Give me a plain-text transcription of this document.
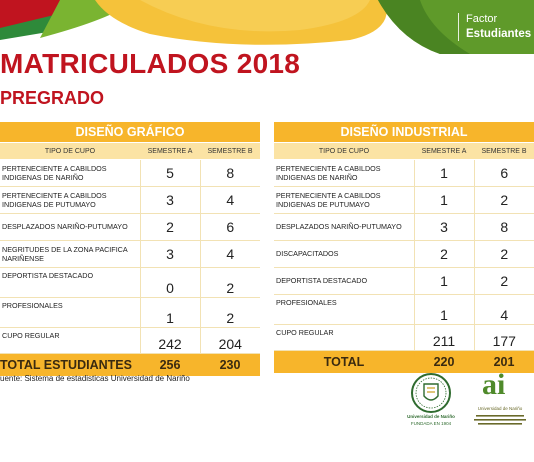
Factor
Estudiantes
MATRICULADOS 2018
PREGRADO
DISEÑO GRÁFICO		
TIPO DE CUPO	SEMESTRE A	SEMESTRE B
PERTENECIENTE A CABILDOS INDIGENAS DE NARIÑO	5	8
PERTENECIENTE A CABILDOS INDIGENAS DE PUTUMAYO	3	4
DESPLAZADOS NARIÑO-PUTUMAYO	2	6
NEGRITUDES DE LA ZONA PACIFICA NARIÑENSE	3	4
DEPORTISTA DESTACADO	0	2
PROFESIONALES	1	2
CUPO REGULAR	242	204
TOTAL ESTUDIANTES	256	230
DISEÑO INDUSTRIAL		
TIPO DE CUPO	SEMESTRE A	SEMESTRE B
PERTENECIENTE A CABILDOS INDIGENAS DE NARIÑO	1	6
PERTENECIENTE A CABILDOS INDIGENAS DE PUTUMAYO	1	2
DESPLAZADOS NARIÑO-PUTUMAYO	3	8
DISCAPACITADOS	2	2
DEPORTISTA DESTACADO	1	2
PROFESIONALES	1	4
CUPO REGULAR	211	177
TOTAL	220	201
uente: Sistema de estadisticas Universidad de Nariño
Universidad de Nariño
FUNDADA EN 1904
ai
Universidad de Nariño
